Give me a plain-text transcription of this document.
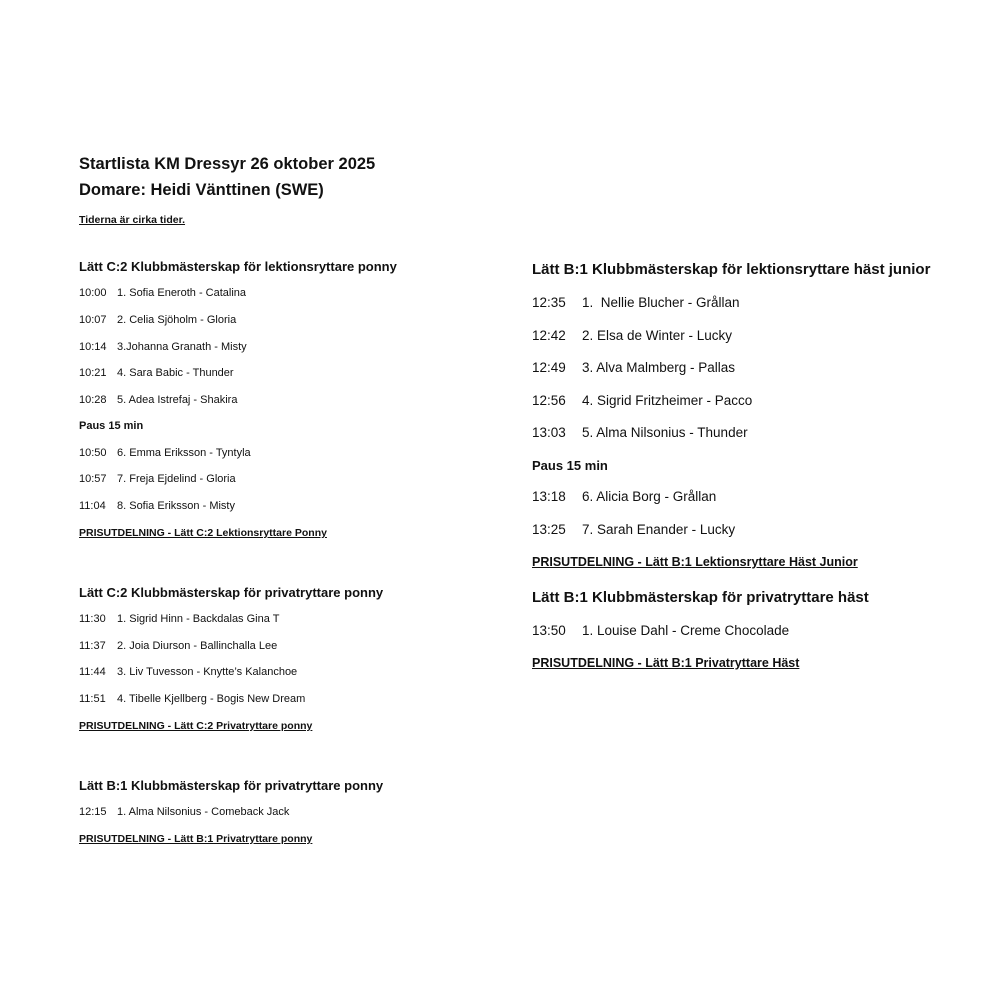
Startlista KM Dressyr 26 oktober 2025
Domare: Heidi Vänttinen (SWE)
Tiderna är cirka tider.
Lätt C:2 Klubbmästerskap för lektionsryttare ponny
10:00 1. Sofia Eneroth - Catalina
10:07 2. Celia Sjöholm - Gloria
10:14 3.Johanna Granath - Misty
10:21 4. Sara Babic - Thunder
10:28 5. Adea Istrefaj - Shakira
Paus 15 min
10:50 6. Emma Eriksson - Tyntyla
10:57 7. Freja Ejdelind - Gloria
11:04 8. Sofia Eriksson - Misty
PRISUTDELNING - Lätt C:2 Lektionsryttare Ponny
Lätt C:2 Klubbmästerskap för privatryttare ponny
11:30 1. Sigrid Hinn - Backdalas Gina T
11:37 2. Joia Diurson - Ballinchalla Lee
11:44 3. Liv Tuvesson - Knytte’s Kalanchoe
11:51 4. Tibelle Kjellberg - Bogis New Dream
PRISUTDELNING - Lätt C:2 Privatryttare ponny
Lätt B:1 Klubbmästerskap för privatryttare ponny
12:15 1. Alma Nilsonius - Comeback Jack
PRISUTDELNING - Lätt B:1 Privatryttare ponny
Lätt B:1 Klubbmästerskap för lektionsryttare häst junior
12:35 1.  Nellie Blucher - Grållan
12:42 2. Elsa de Winter - Lucky
12:49 3. Alva Malmberg - Pallas
12:56 4. Sigrid Fritzheimer - Pacco
13:03 5. Alma Nilsonius - Thunder
Paus 15 min
13:18 6. Alicia Borg - Grållan
13:25 7. Sarah Enander - Lucky
PRISUTDELNING - Lätt B:1 Lektionsryttare Häst Junior
Lätt B:1 Klubbmästerskap för privatryttare häst
13:50 1. Louise Dahl - Creme Chocolade
PRISUTDELNING - Lätt B:1 Privatryttare Häst
